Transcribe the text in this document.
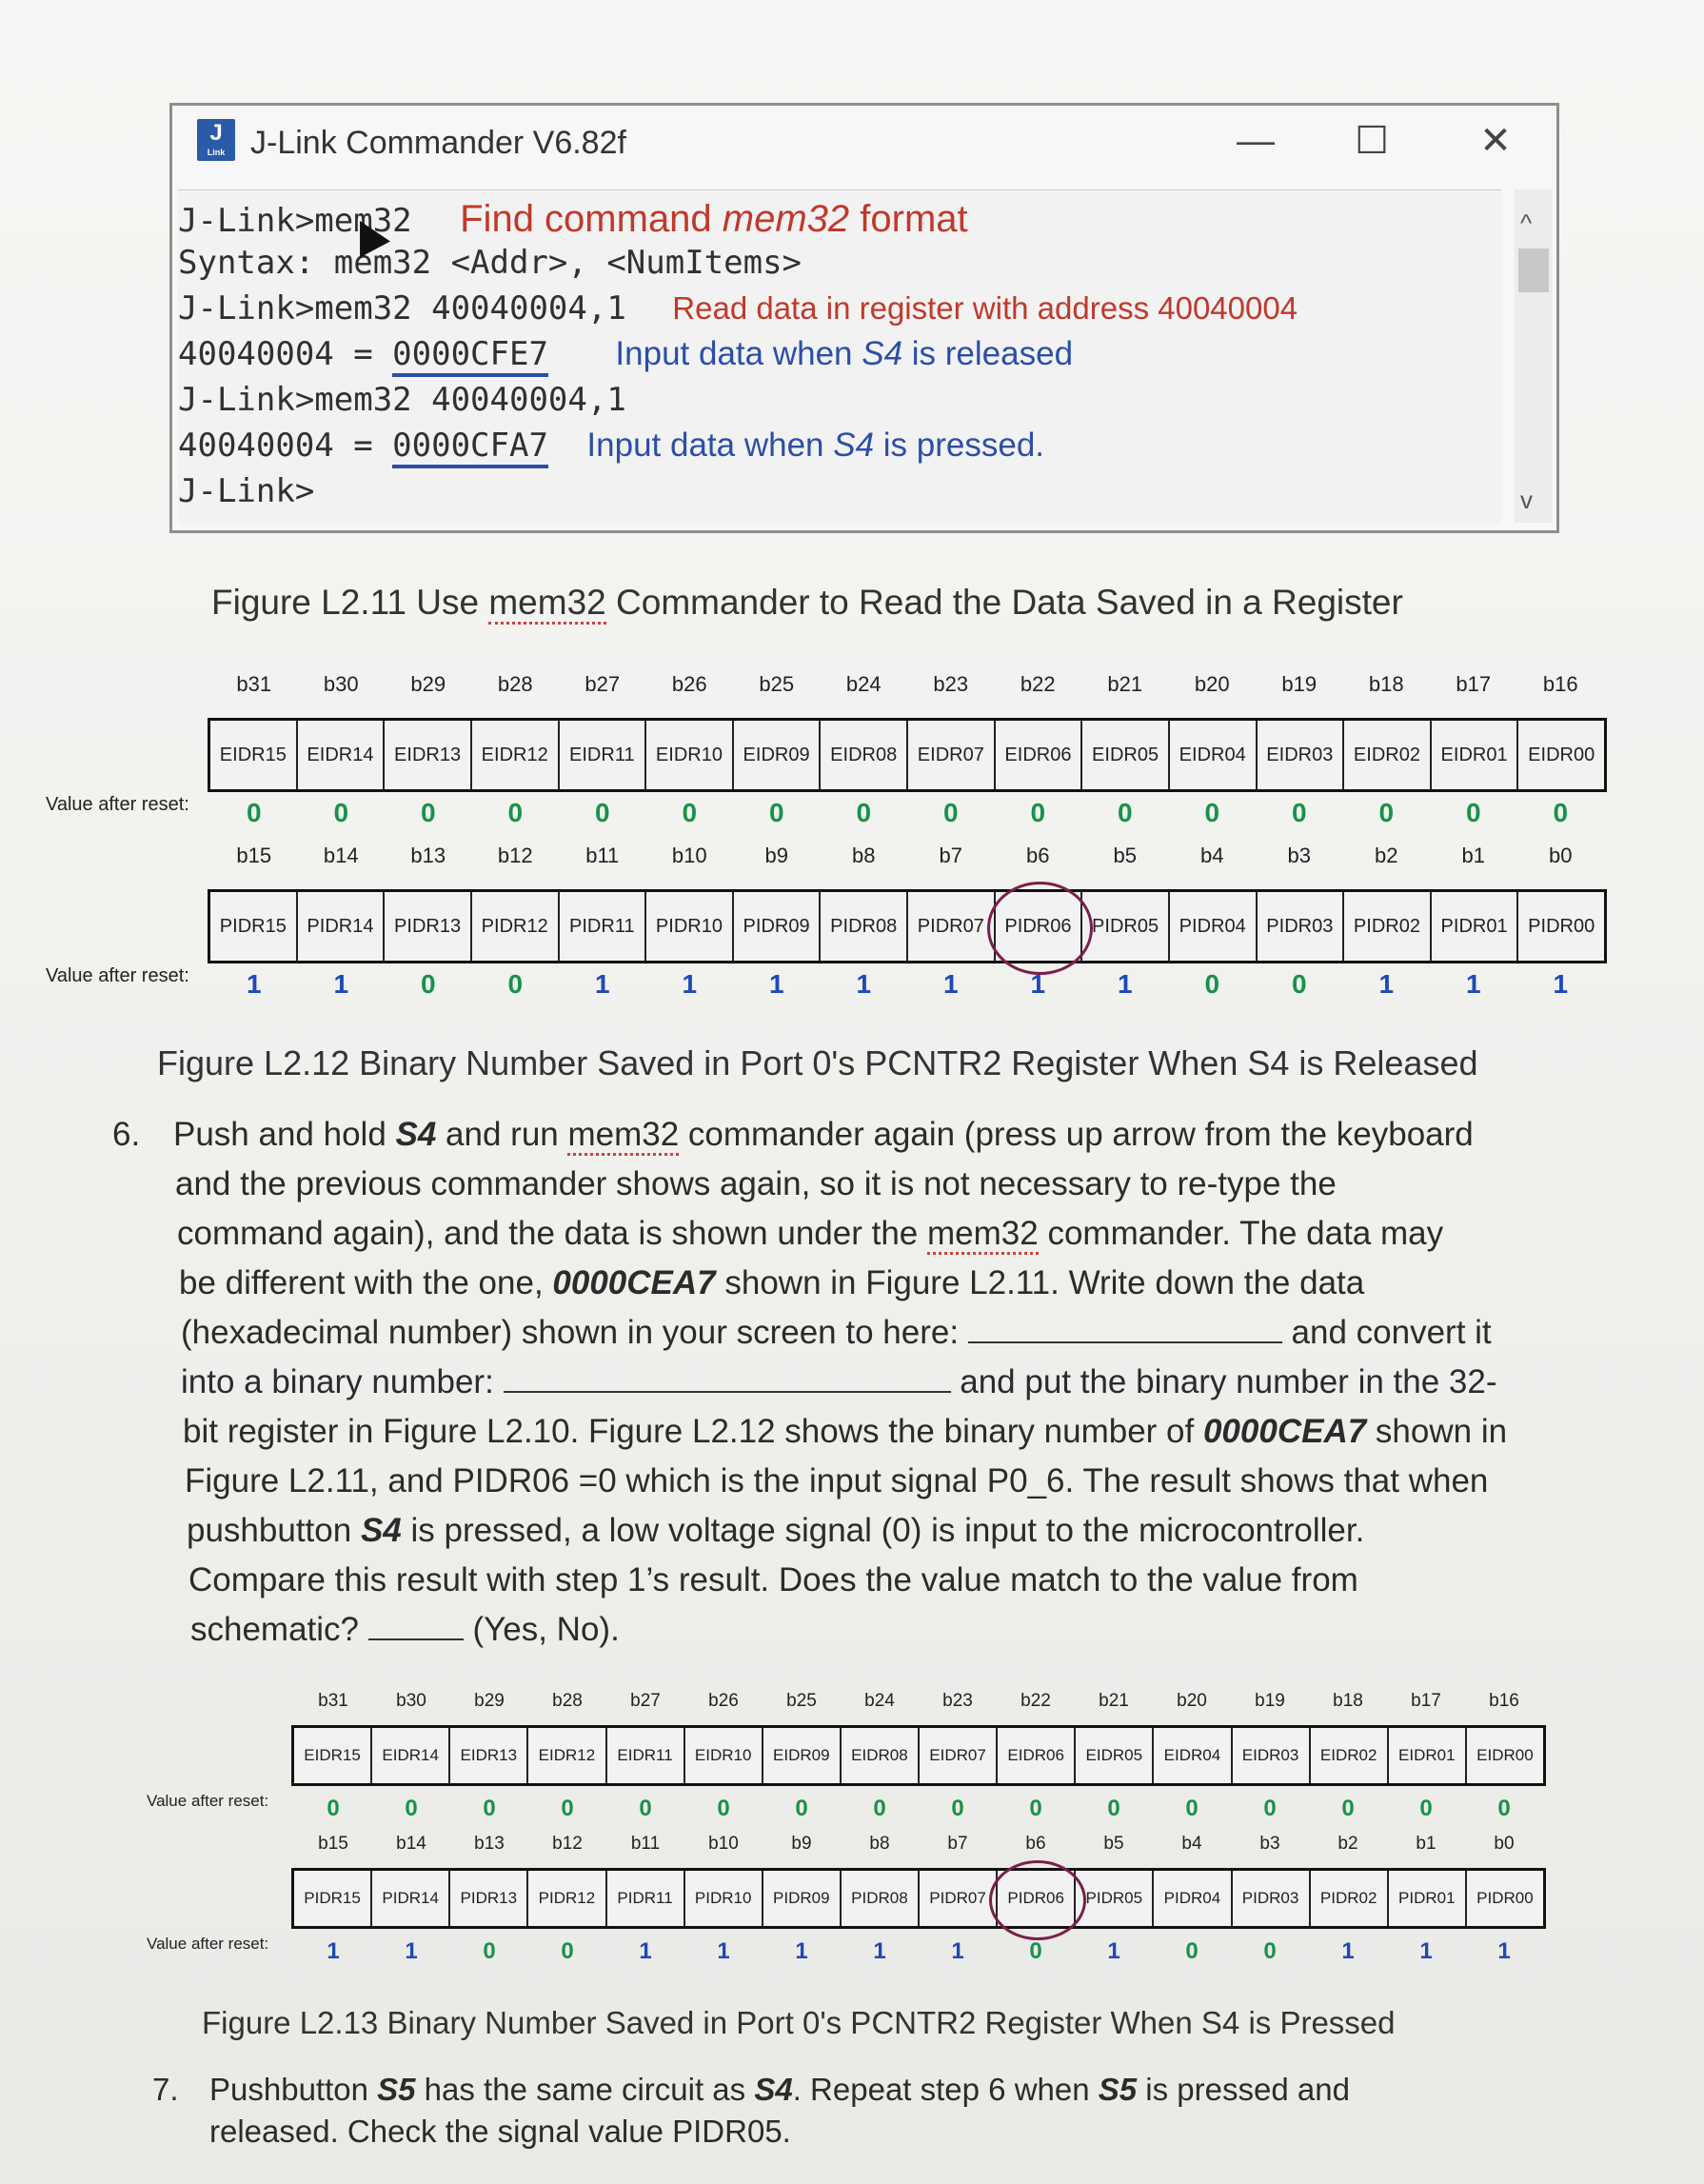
J
Link J-Link Commander V6.82f	—	☐	✕
J-Link>mem32 Find command mem32 format
Syntax: mem32 <Addr>, <NumItems>
J-Link>mem32 40040004,1 Read data in register with address 40040004
40040004 = 0000CFE7 Input data when S4 is released
J-Link>mem32 40040004,1
40040004 = 0000CFA7 Input data when S4 is pressed.
J-Link>
^
v
Figure L2.11 Use mem32 Commander to Read the Data Saved in a Register
b31	b30	b29	b28	b27	b26	b25	b24	b23	b22	b21	b20	b19	b18	b17	b16
EIDR15	EIDR14	EIDR13	EIDR12	EIDR11	EIDR10	EIDR09	EIDR08	EIDR07	EIDR06	EIDR05	EIDR04	EIDR03	EIDR02	EIDR01	EIDR00
Value after reset:	0	0	0	0	0	0	0	0	0	0	0	0	0	0	0	0
b15	b14	b13	b12	b11	b10	b9	b8	b7	b6	b5	b4	b3	b2	b1	b0
PIDR15	PIDR14	PIDR13	PIDR12	PIDR11	PIDR10	PIDR09	PIDR08	PIDR07	PIDR06	PIDR05	PIDR04	PIDR03	PIDR02	PIDR01	PIDR00
Value after reset:	1	1	0	0	1	1	1	1	1	1	1	0	0	1	1	1
Figure L2.12 Binary Number Saved in Port 0's PCNTR2 Register When S4 is Released
6. Push and hold S4 and run mem32 commander again (press up arrow from the keyboard
and the previous commander shows again, so it is not necessary to re-type the
command again), and the data is shown under the mem32 commander. The data may
be different with the one, 0000CEA7 shown in Figure L2.11. Write down the data
(hexadecimal number) shown in your screen to here:	and convert it
into a binary number:	and put the binary number in the 32-
bit register in Figure L2.10. Figure L2.12 shows the binary number of 0000CEA7 shown in
Figure L2.11, and PIDR06 =0 which is the input signal P0_6. The result shows that when
pushbutton S4 is pressed, a low voltage signal (0) is input to the microcontroller.
Compare this result with step 1’s result. Does the value match to the value from
schematic?	(Yes, No).
b31	b30	b29	b28	b27	b26	b25	b24	b23	b22	b21	b20	b19	b18	b17	b16
EIDR15	EIDR14	EIDR13	EIDR12	EIDR11	EIDR10	EIDR09	EIDR08	EIDR07	EIDR06	EIDR05	EIDR04	EIDR03	EIDR02	EIDR01	EIDR00
Value after reset:	0	0	0	0	0	0	0	0	0	0	0	0	0	0	0	0
b15	b14	b13	b12	b11	b10	b9	b8	b7	b6	b5	b4	b3	b2	b1	b0
PIDR15	PIDR14	PIDR13	PIDR12	PIDR11	PIDR10	PIDR09	PIDR08	PIDR07	PIDR06	PIDR05	PIDR04	PIDR03	PIDR02	PIDR01	PIDR00
Value after reset:	1	1	0	0	1	1	1	1	1	0	1	0	0	1	1	1
Figure L2.13 Binary Number Saved in Port 0's PCNTR2 Register When S4 is Pressed
7. Pushbutton S5 has the same circuit as S4. Repeat step 6 when S5 is pressed and
released. Check the signal value PIDR05.
